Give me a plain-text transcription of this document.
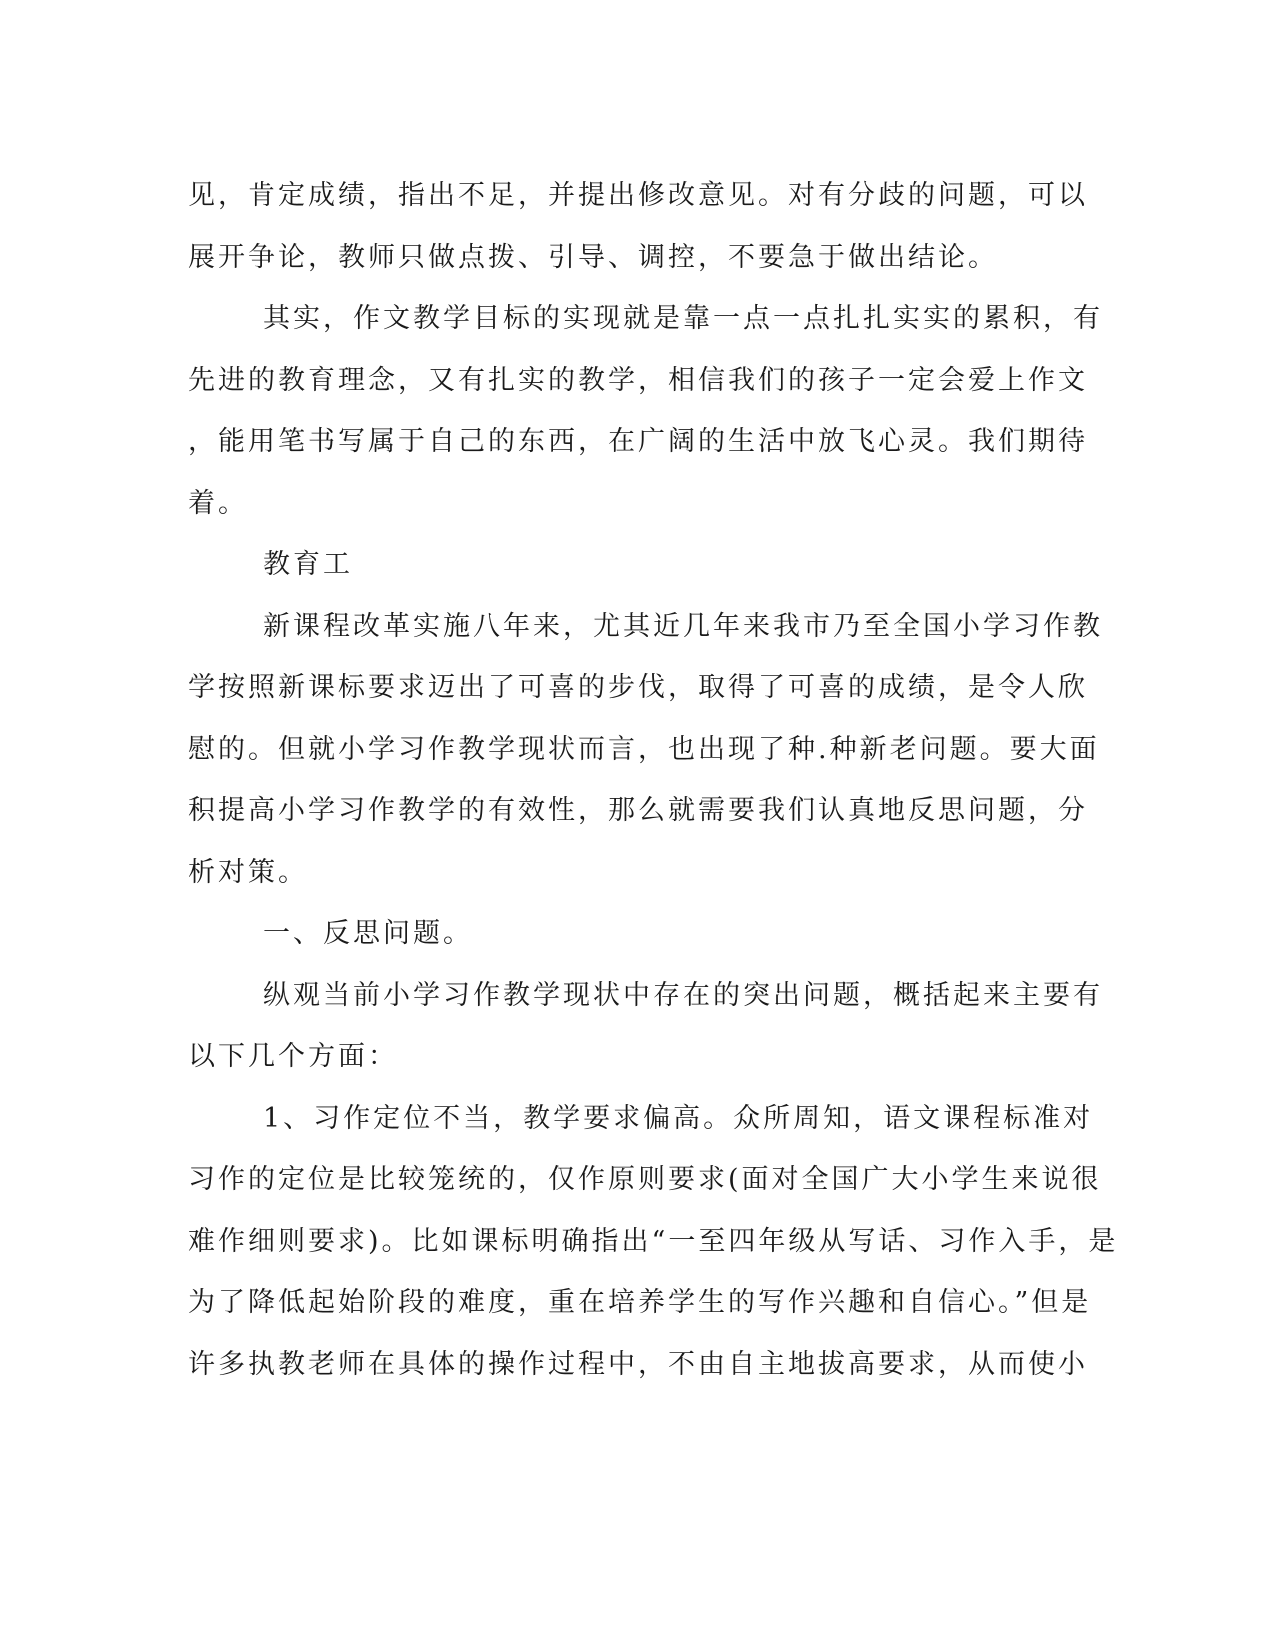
见，肯定成绩，指出不足，并提出修改意见。对有分歧的问题，可以
展开争论，教师只做点拨、引导、调控，不要急于做出结论。
其实，作文教学目标的实现就是靠一点一点扎扎实实的累积，有
先进的教育理念，又有扎实的教学，相信我们的孩子一定会爱上作文
，能用笔书写属于自己的东西，在广阔的生活中放飞心灵。我们期待
着。
教育工
新课程改革实施八年来，尤其近几年来我市乃至全国小学习作教
学按照新课标要求迈出了可喜的步伐，取得了可喜的成绩，是令人欣
慰的。但就小学习作教学现状而言，也出现了种.种新老问题。要大面
积提高小学习作教学的有效性，那么就需要我们认真地反思问题，分
析对策。
一、反思问题。
纵观当前小学习作教学现状中存在的突出问题，概括起来主要有
以下几个方面：
1、习作定位不当，教学要求偏高。众所周知，语文课程标准对
习作的定位是比较笼统的，仅作原则要求(面对全国广大小学生来说很
难作细则要求)。比如课标明确指出“一至四年级从写话、习作入手，是
为了降低起始阶段的难度，重在培养学生的写作兴趣和自信心。”但是
许多执教老师在具体的操作过程中，不由自主地拔高要求，从而使小
